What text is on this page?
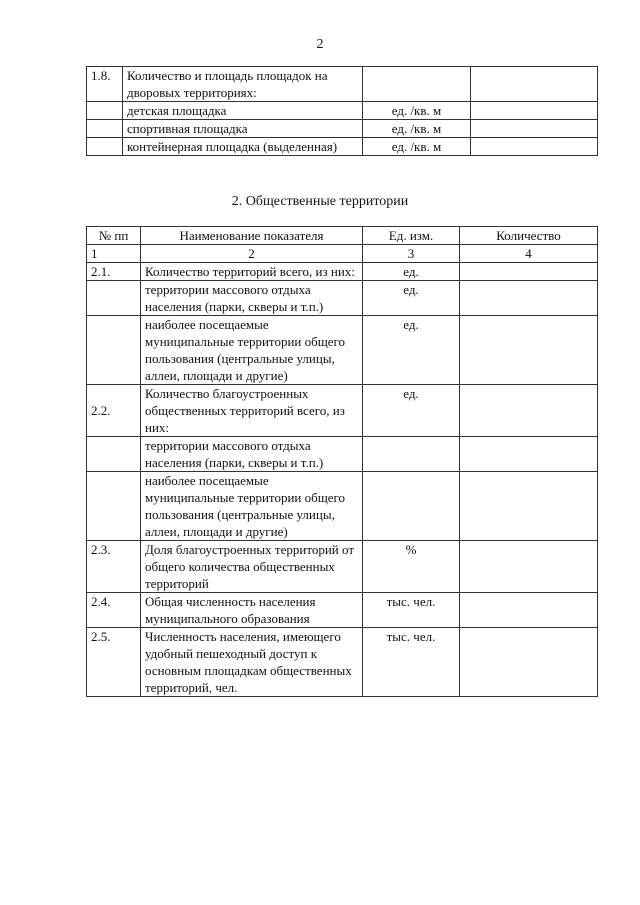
2
1.8.	Количество и площадь площадок на дворовых территориях:		
	детская площадка	ед. /кв. м	
	спортивная площадка	ед. /кв. м	
	контейнерная площадка (выделенная)	ед. /кв. м	
2. Общественные территории
№ пп	Наименование показателя	Ед. изм.	Количество
1	2	3	4
2.1.	Количество территорий всего, из них:	ед.	
	территории массового отдыха населения (парки, скверы и т.п.)	ед.	
	наиболее посещаемые муниципальные территории общего пользования (центральные улицы, аллеи, площади и другие)	ед.	
2.2.	Количество благоустроенных общественных территорий всего, из них:	ед.	
	территории массового отдыха населения (парки, скверы и т.п.)		
	наиболее посещаемые муниципальные территории общего пользования (центральные улицы, аллеи, площади и другие)		
2.3.	Доля благоустроенных территорий от общего количества общественных территорий	%	
2.4.	Общая численность населения муниципального образования	тыс. чел.	
2.5.	Численность населения, имеющего удобный пешеходный доступ к основным площадкам общественных территорий, чел.	тыс. чел.	
